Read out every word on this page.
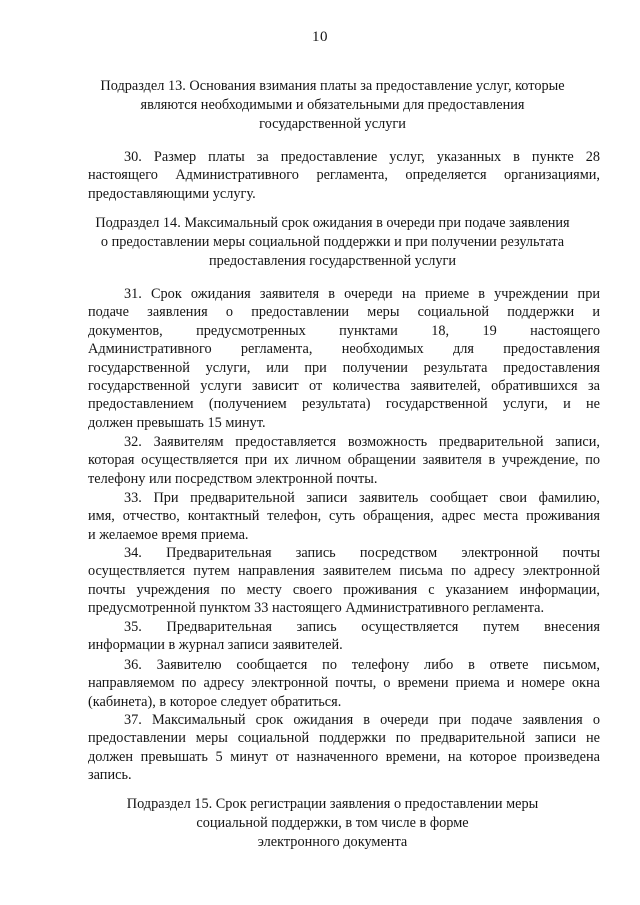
10
Подраздел 13. Основания взимания платы за предоставление услуг, которые
являются необходимыми и обязательными для предоставления
государственной услуги

30. Размер платы за предоставление услуг, указанных в пункте 28
настоящего Административного регламента, определяется организациями,
предоставляющими услугу.

Подраздел 14. Максимальный срок ожидания в очереди при подаче заявления
о предоставлении меры социальной поддержки и при получении результата
предоставления государственной услуги

31. Срок ожидания заявителя в очереди на приеме в учреждении при
подаче заявления о предоставлении меры социальной поддержки и
документов, предусмотренных пунктами 18, 19 настоящего
Административного регламента, необходимых для предоставления
государственной услуги, или при получении результата предоставления
государственной услуги зависит от количества заявителей, обратившихся за
предоставлением (получением результата) государственной услуги, и не
должен превышать 15 минут.

32. Заявителям предоставляется возможность предварительной записи,
которая осуществляется при их личном обращении заявителя в учреждение, по
телефону или посредством электронной почты.

33. При предварительной записи заявитель сообщает свои фамилию,
имя, отчество, контактный телефон, суть обращения, адрес места проживания
и желаемое время приема.

34. Предварительная запись посредством электронной почты
осуществляется путем направления заявителем письма по адресу электронной
почты учреждения по месту своего проживания с указанием информации,
предусмотренной пунктом 33 настоящего Административного регламента.

35. Предварительная запись осуществляется путем внесения
информации в журнал записи заявителей.

36. Заявителю сообщается по телефону либо в ответе письмом,
направляемом по адресу электронной почты, о времени приема и номере окна
(кабинета), в которое следует обратиться.

37. Максимальный срок ожидания в очереди при подаче заявления о
предоставлении меры социальной поддержки по предварительной записи не
должен превышать 5 минут от назначенного времени, на которое произведена
запись.

Подраздел 15. Срок регистрации заявления о предоставлении меры
социальной поддержки, в том числе в форме
электронного документа
